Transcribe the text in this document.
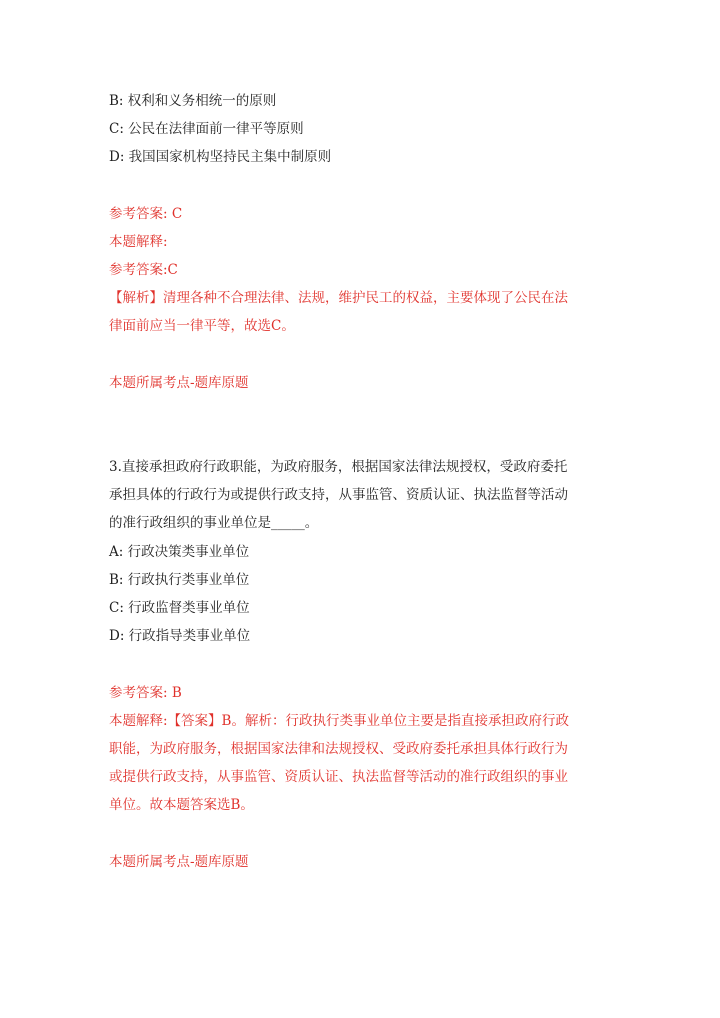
B: 权利和义务相统一的原则
C: 公民在法律面前一律平等原则
D: 我国国家机构坚持民主集中制原则
参考答案: C
本题解释:
参考答案:C
【解析】清理各种不合理法律、法规，维护民工的权益，主要体现了公民在法
律面前应当一律平等，故选C。
本题所属考点-题库原题
3.直接承担政府行政职能，为政府服务，根据国家法律法规授权，受政府委托
承担具体的行政行为或提供行政支持，从事监管、资质认证、执法监督等活动
的准行政组织的事业单位是_____。
A: 行政决策类事业单位
B: 行政执行类事业单位
C: 行政监督类事业单位
D: 行政指导类事业单位
参考答案: B
本题解释:【答案】B。解析：行政执行类事业单位主要是指直接承担政府行政
职能，为政府服务，根据国家法律和法规授权、受政府委托承担具体行政行为
或提供行政支持，从事监管、资质认证、执法监督等活动的准行政组织的事业
单位。故本题答案选B。
本题所属考点-题库原题
